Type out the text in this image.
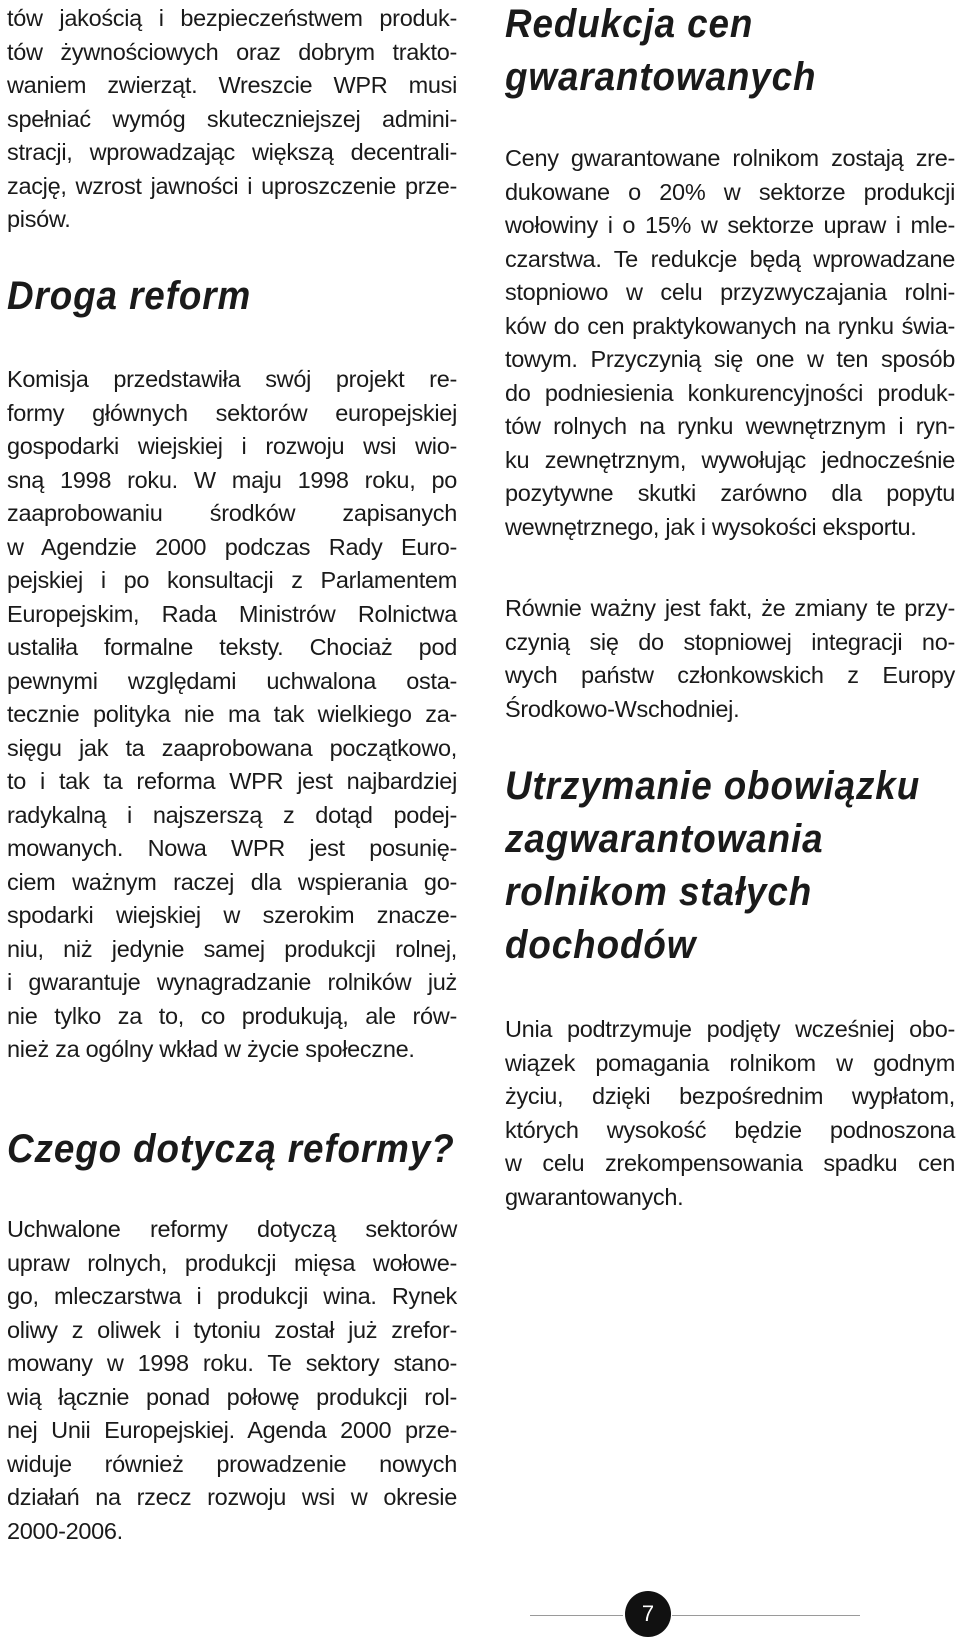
tów jakością i bezpieczeństwem produk-
tów żywnościowych oraz dobrym trakto-
waniem zwierząt. Wreszcie WPR musi
spełniać wymóg skuteczniejszej admini-
stracji, wprowadzając większą decentrali-
zację, wzrost jawności i uproszczenie prze-
pisów.
Droga reform
Komisja przedstawiła swój projekt re-
formy głównych sektorów europejskiej
gospodarki wiejskiej i rozwoju wsi wio-
sną 1998 roku. W maju 1998 roku, po
zaaprobowaniu środków zapisanych
w Agendzie 2000 podczas Rady Euro-
pejskiej i po konsultacji z Parlamentem
Europejskim, Rada Ministrów Rolnictwa
ustaliła formalne teksty. Chociaż pod
pewnymi względami uchwalona osta-
tecznie polityka nie ma tak wielkiego za-
sięgu jak ta zaaprobowana początkowo,
to i tak ta reforma WPR jest najbardziej
radykalną i najszerszą z dotąd podej-
mowanych. Nowa WPR jest posunię-
ciem ważnym raczej dla wspierania go-
spodarki wiejskiej w szerokim znacze-
niu, niż jedynie samej produkcji rolnej,
i gwarantuje wynagradzanie rolników już
nie tylko za to, co produkują, ale rów-
nież za ogólny wkład w życie społeczne.
Czego dotyczą reformy?
Uchwalone reformy dotyczą sektorów
upraw rolnych, produkcji mięsa wołowe-
go, mleczarstwa i produkcji wina. Rynek
oliwy z oliwek i tytoniu został już zrefor-
mowany w 1998 roku. Te sektory stano-
wią łącznie ponad połowę produkcji rol-
nej Unii Europejskiej. Agenda 2000 prze-
widuje również prowadzenie nowych
działań na rzecz rozwoju wsi w okresie
2000-2006.
Redukcja cen
gwarantowanych
Ceny gwarantowane rolnikom zostają zre-
dukowane o 20% w sektorze produkcji
wołowiny i o 15% w sektorze upraw i mle-
czarstwa. Te redukcje będą wprowadzane
stopniowo w celu przyzwyczajania rolni-
ków do cen praktykowanych na rynku świa-
towym. Przyczynią się one w ten sposób
do podniesienia konkurencyjności produk-
tów rolnych na rynku wewnętrznym i ryn-
ku zewnętrznym, wywołując jednocześnie
pozytywne skutki zarówno dla popytu
wewnętrznego, jak i wysokości eksportu.
Równie ważny jest fakt, że zmiany te przy-
czynią się do stopniowej integracji no-
wych państw członkowskich z Europy
Środkowo-Wschodniej.
Utrzymanie obowiązku
zagwarantowania
rolnikom stałych
dochodów
Unia podtrzymuje podjęty wcześniej obo-
wiązek pomagania rolnikom w godnym
życiu, dzięki bezpośrednim wypłatom,
których wysokość będzie podnoszona
w celu zrekompensowania spadku cen
gwarantowanych.
7
